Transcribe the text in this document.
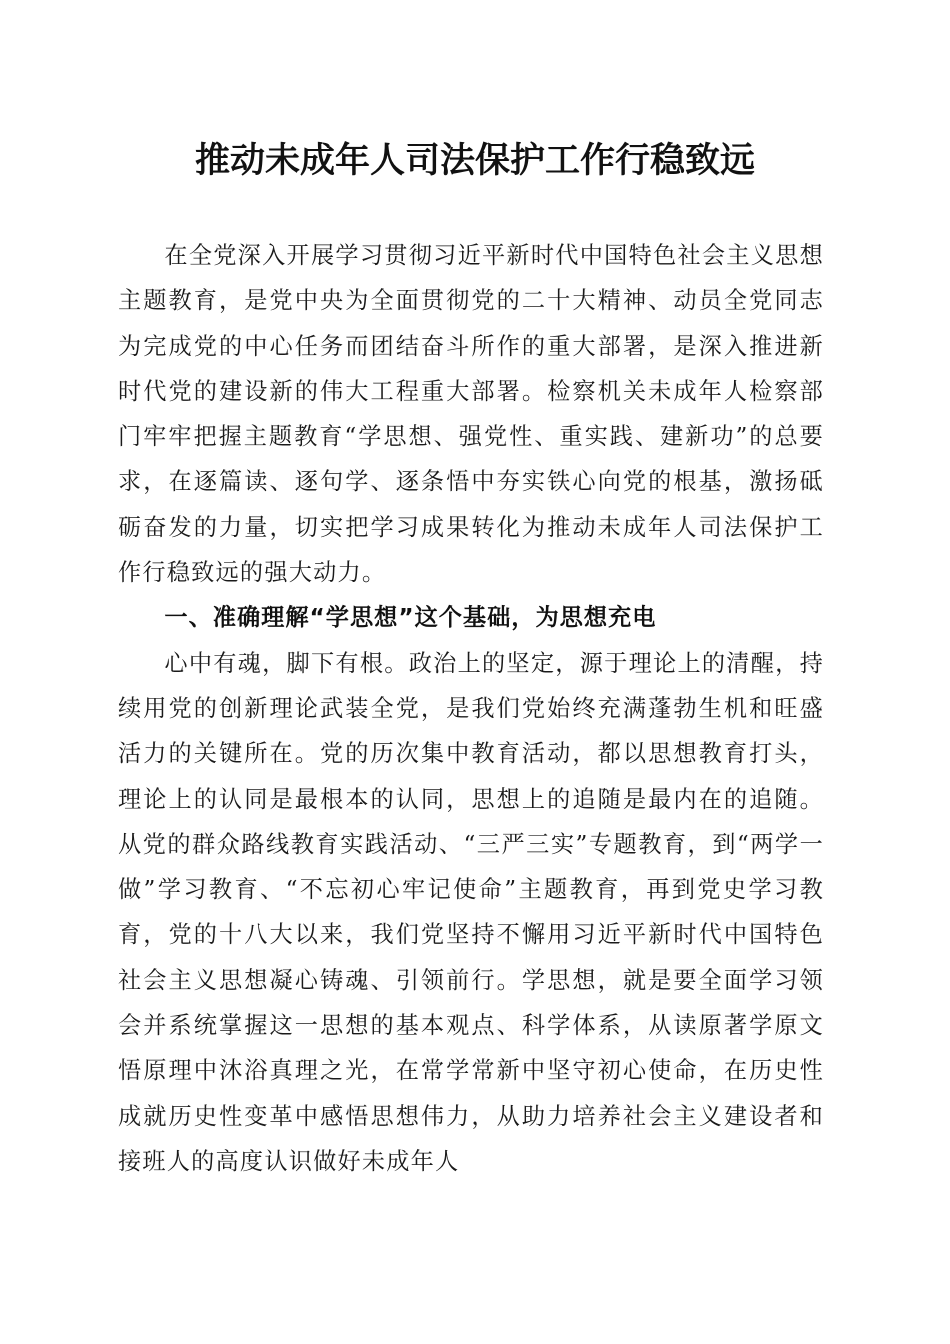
推动未成年人司法保护工作行稳致远

在全党深入开展学习贯彻习近平新时代中国特色社会主义思想主题教育，是党中央为全面贯彻党的二十大精神、动员全党同志为完成党的中心任务而团结奋斗所作的重大部署，是深入推进新时代党的建设新的伟大工程重大部署。检察机关未成年人检察部门牢牢把握主题教育“学思想、强党性、重实践、建新功”的总要求，在逐篇读、逐句学、逐条悟中夯实铁心向党的根基，激扬砥砺奋发的力量，切实把学习成果转化为推动未成年人司法保护工作行稳致远的强大动力。

一、准确理解“学思想”这个基础，为思想充电

心中有魂，脚下有根。政治上的坚定，源于理论上的清醒，持续用党的创新理论武装全党，是我们党始终充满蓬勃生机和旺盛活力的关键所在。党的历次集中教育活动，都以思想教育打头，理论上的认同是最根本的认同，思想上的追随是最内在的追随。从党的群众路线教育实践活动、“三严三实”专题教育，到“两学一做”学习教育、“不忘初心牢记使命”主题教育，再到党史学习教育，党的十八大以来，我们党坚持不懈用习近平新时代中国特色社会主义思想凝心铸魂、引领前行。学思想，就是要全面学习领会并系统掌握这一思想的基本观点、科学体系，从读原著学原文悟原理中沐浴真理之光，在常学常新中坚守初心使命，在历史性成就历史性变革中感悟思想伟力，从助力培养社会主义建设者和接班人的高度认识做好未成年人
